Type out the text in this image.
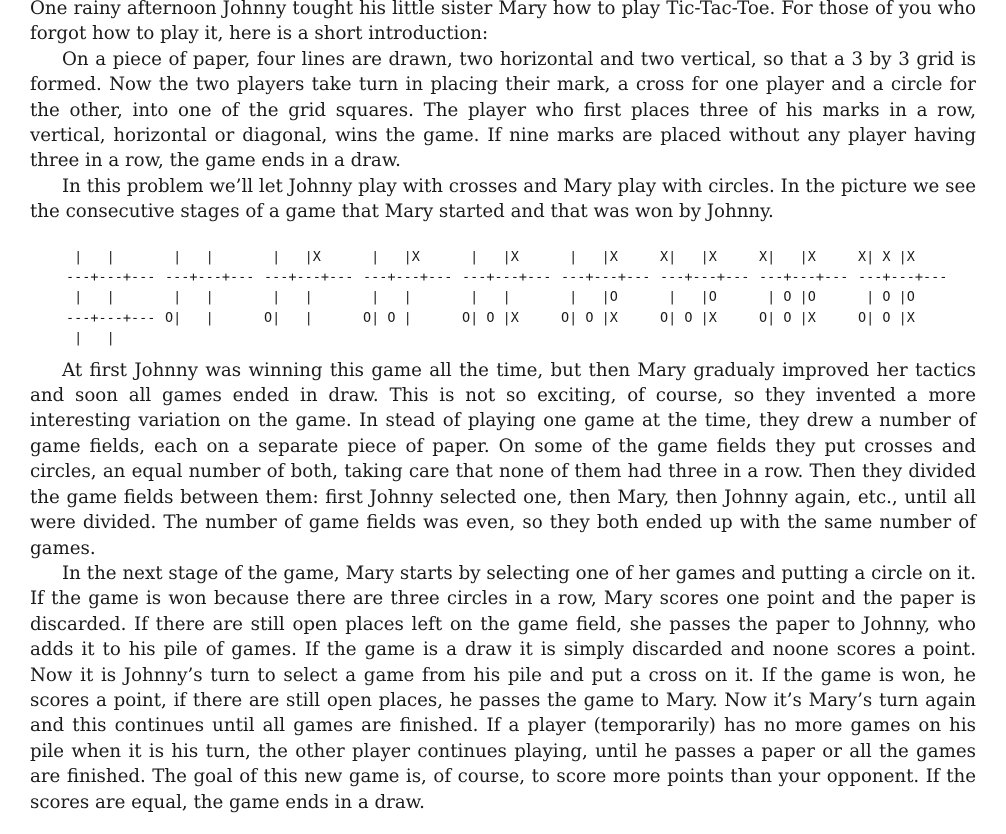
One rainy afternoon Johnny tought his little sister Mary how to play Tic-Tac-Toe. For those of you who forgot how to play it, here is a short introduction:

On a piece of paper, four lines are drawn, two horizontal and two vertical, so that a 3 by 3 grid is formed. Now the two players take turn in placing their mark, a cross for one player and a circle for the other, into one of the grid squares. The player who first places three of his marks in a row, vertical, horizontal or diagonal, wins the game. If nine marks are placed without any player having three in a row, the game ends in a draw.

In this problem we’ll let Johnny play with crosses and Mary play with circles. In the picture we see the consecutive stages of a game that Mary started and that was won by Johnny.

|   |
---+---+---
|   |
---+---+---
|   |
|   |
---+---+---
|   |
O|   |
|   |X
---+---+---
|   |
O|   |
|   |X
---+---+---
|   |
O| O |
|   |X
---+---+---
|   |
O| O |X
|   |X
---+---+---
|   |O
O| O |X
X|   |X
---+---+---
|   |O
O| O |X
X|   |X
---+---+---
| O |O
O| O |X
X| X |X
---+---+---
| O |O
O| O |X

At first Johnny was winning this game all the time, but then Mary gradualy improved her tactics and soon all games ended in draw. This is not so exciting, of course, so they invented a more interesting variation on the game. In stead of playing one game at the time, they drew a number of game fields, each on a separate piece of paper. On some of the game fields they put crosses and circles, an equal number of both, taking care that none of them had three in a row. Then they divided the game fields between them: first Johnny selected one, then Mary, then Johnny again, etc., until all were divided. The number of game fields was even, so they both ended up with the same number of games.

In the next stage of the game, Mary starts by selecting one of her games and putting a circle on it. If the game is won because there are three circles in a row, Mary scores one point and the paper is discarded. If there are still open places left on the game field, she passes the paper to Johnny, who adds it to his pile of games. If the game is a draw it is simply discarded and noone scores a point. Now it is Johnny’s turn to select a game from his pile and put a cross on it. If the game is won, he scores a point, if there are still open places, he passes the game to Mary. Now it’s Mary’s turn again and this continues until all games are finished. If a player (temporarily) has no more games on his pile when it is his turn, the other player continues playing, until he passes a paper or all the games are finished. The goal of this new game is, of course, to score more points than your opponent. If the scores are equal, the game ends in a draw.
